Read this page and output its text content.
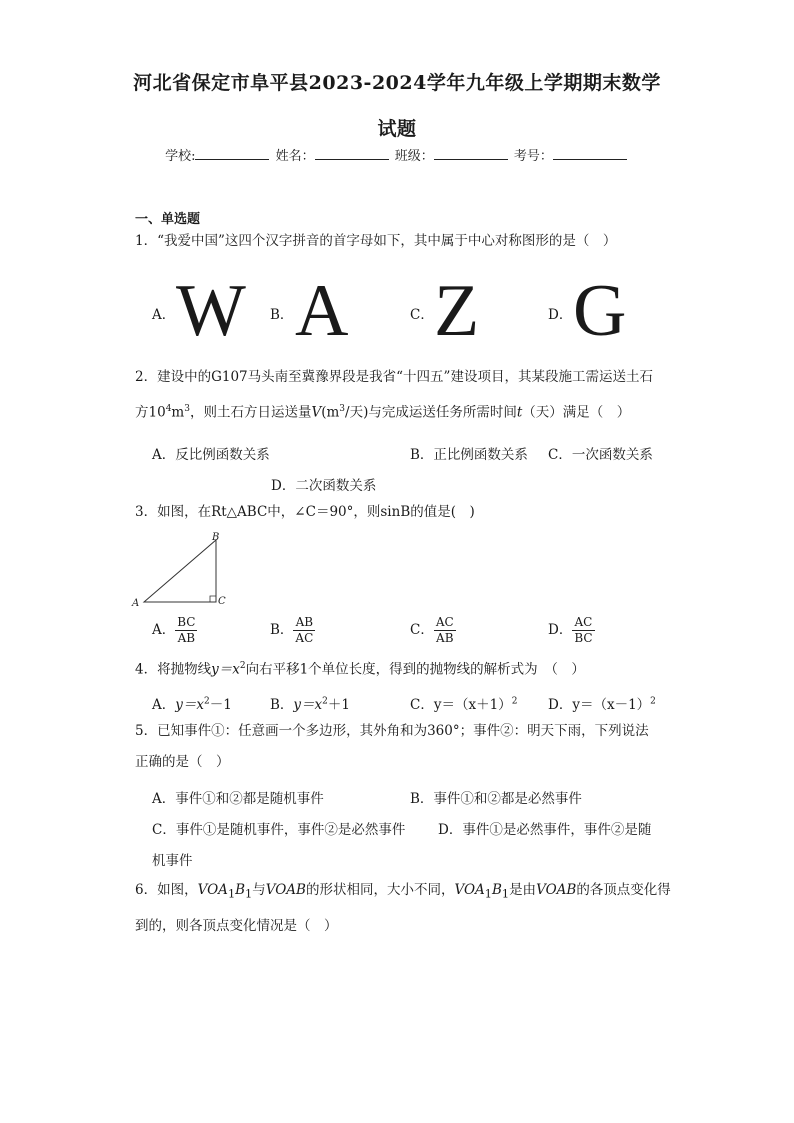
河北省保定市阜平县2023-2024学年九年级上学期期末数学
试题
学校:	姓名：	班级：	考号：
一、单选题
1．“我爱中国”这四个汉字拼音的首字母如下，其中属于中心对称图形的是（　）
A． W B． A	C． Z	D． G
2．建设中的G107马头南至冀豫界段是我省“十四五”建设项目，其某段施工需运送土石
方$10^4m^3$，则土石方日运送量$V(m^3/$天)与完成运送任务所需时间t（天）满足（　）
A．反比例函数关系	B．正比例函数关系 C．一次函数关系
D．二次函数关系
3．如图，在Rt△ABC中，∠C＝90°，则sinB的值是(　)
A
B
C
A． $\frac{BC}{AB}$	B． $\frac{AB}{AC}$	C． $\frac{AC}{AB}$	D． $\frac{AC}{BC}$
4．将抛物线$y=x^2$向右平移1个单位长度，得到的抛物线的解析式为　（　）
A．$y=x^2-1$	B．$y=x^2+1$	C．$y=(x+1)^2$ D．$y=(x-1)^2$
5．已知事件①：任意画一个多边形，其外角和为360°；事件②：明天下雨，下列说法
正确的是（　）
A．事件①和②都是随机事件	B．事件①和②都是必然事件
C．事件①是随机事件，事件②是必然事件 D．事件①是必然事件，事件②是随
机事件
6．如图，$VOA_1B_1$与VOAB的形状相同，大小不同，$VOA_1B_1$是由VOAB的各顶点变化得
到的，则各顶点变化情况是（　）
